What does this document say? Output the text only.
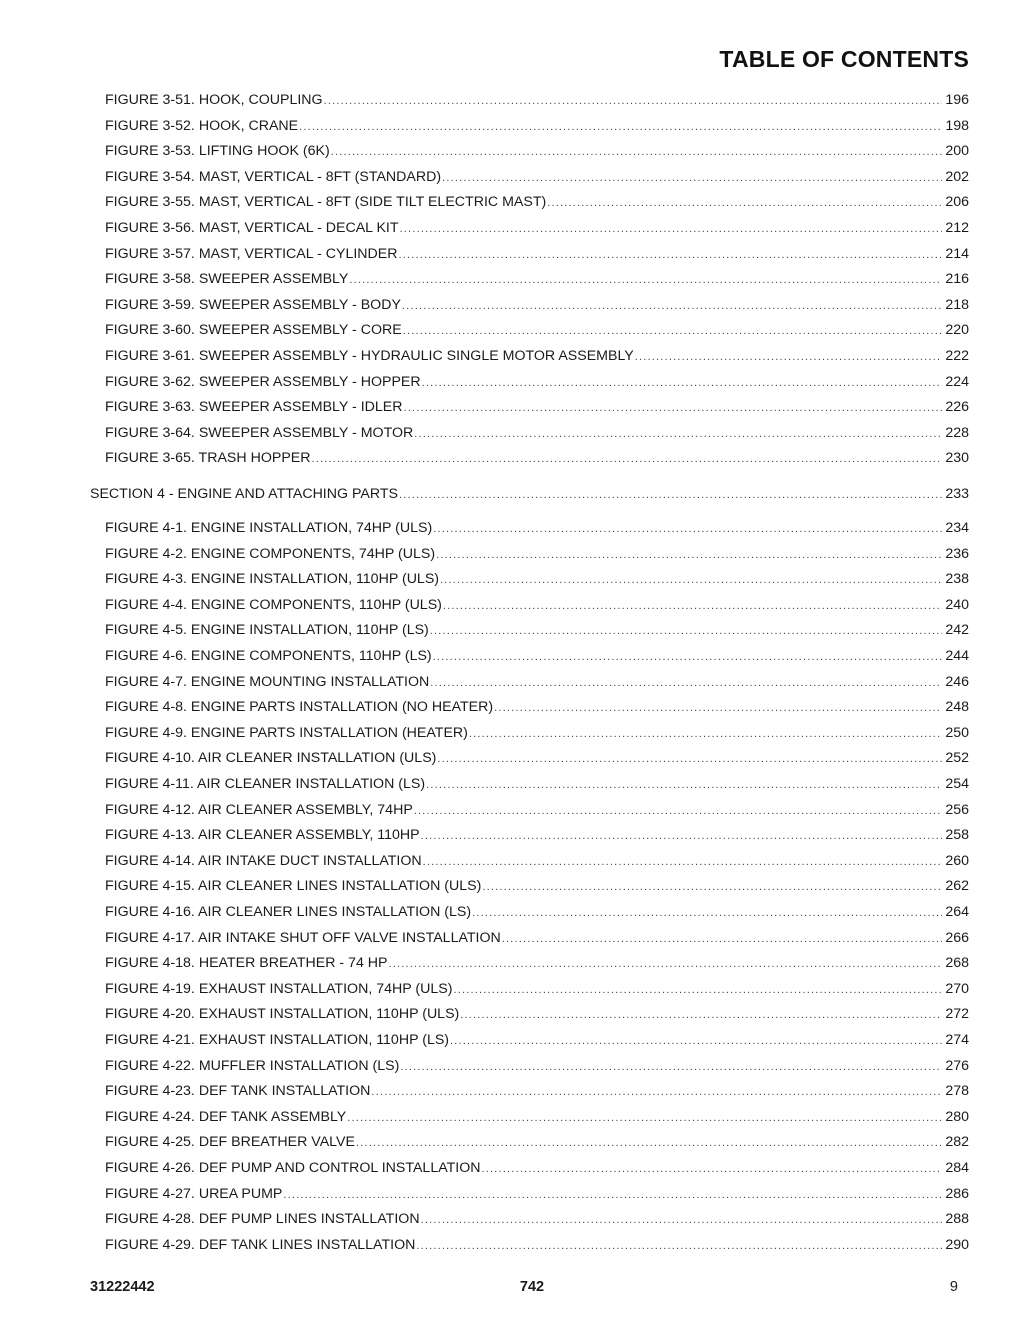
TABLE OF CONTENTS
FIGURE 3-51. HOOK, COUPLING .....	196
FIGURE 3-52. HOOK, CRANE .....	198
FIGURE 3-53. LIFTING HOOK (6K) .....	200
FIGURE 3-54. MAST, VERTICAL - 8FT (STANDARD) .....	202
FIGURE 3-55. MAST, VERTICAL - 8FT (SIDE TILT ELECTRIC MAST) .....	206
FIGURE 3-56. MAST, VERTICAL - DECAL KIT .....	212
FIGURE 3-57. MAST, VERTICAL - CYLINDER .....	214
FIGURE 3-58. SWEEPER ASSEMBLY .....	216
FIGURE 3-59. SWEEPER ASSEMBLY - BODY .....	218
FIGURE 3-60. SWEEPER ASSEMBLY - CORE .....	220
FIGURE 3-61. SWEEPER ASSEMBLY - HYDRAULIC SINGLE MOTOR ASSEMBLY .....	222
FIGURE 3-62. SWEEPER ASSEMBLY - HOPPER .....	224
FIGURE 3-63. SWEEPER ASSEMBLY - IDLER .....	226
FIGURE 3-64. SWEEPER ASSEMBLY - MOTOR .....	228
FIGURE 3-65. TRASH HOPPER .....	230
SECTION 4 - ENGINE AND ATTACHING PARTS .....	233
FIGURE 4-1. ENGINE INSTALLATION, 74HP (ULS) .....	234
FIGURE 4-2. ENGINE COMPONENTS, 74HP (ULS) .....	236
FIGURE 4-3. ENGINE INSTALLATION, 110HP (ULS) .....	238
FIGURE 4-4. ENGINE COMPONENTS, 110HP (ULS) .....	240
FIGURE 4-5. ENGINE INSTALLATION, 110HP (LS) .....	242
FIGURE 4-6. ENGINE COMPONENTS, 110HP (LS) .....	244
FIGURE 4-7. ENGINE MOUNTING INSTALLATION .....	246
FIGURE 4-8. ENGINE PARTS INSTALLATION (NO HEATER) .....	248
FIGURE 4-9. ENGINE PARTS INSTALLATION (HEATER) .....	250
FIGURE 4-10. AIR CLEANER INSTALLATION (ULS) .....	252
FIGURE 4-11. AIR CLEANER INSTALLATION (LS) .....	254
FIGURE 4-12. AIR CLEANER ASSEMBLY, 74HP .....	256
FIGURE 4-13. AIR CLEANER ASSEMBLY, 110HP .....	258
FIGURE 4-14. AIR INTAKE DUCT INSTALLATION .....	260
FIGURE 4-15. AIR CLEANER LINES INSTALLATION (ULS) .....	262
FIGURE 4-16. AIR CLEANER LINES INSTALLATION (LS) .....	264
FIGURE 4-17. AIR INTAKE SHUT OFF VALVE INSTALLATION .....	266
FIGURE 4-18. HEATER BREATHER - 74 HP .....	268
FIGURE 4-19. EXHAUST INSTALLATION, 74HP (ULS) .....	270
FIGURE 4-20. EXHAUST INSTALLATION, 110HP (ULS) .....	272
FIGURE 4-21. EXHAUST INSTALLATION, 110HP (LS) .....	274
FIGURE 4-22. MUFFLER INSTALLATION (LS) .....	276
FIGURE 4-23. DEF TANK INSTALLATION .....	278
FIGURE 4-24. DEF TANK ASSEMBLY .....	280
FIGURE 4-25. DEF BREATHER VALVE .....	282
FIGURE 4-26. DEF PUMP AND CONTROL INSTALLATION .....	284
FIGURE 4-27. UREA PUMP .....	286
FIGURE 4-28. DEF PUMP LINES INSTALLATION .....	288
FIGURE 4-29. DEF TANK LINES INSTALLATION .....	290
31222442	742	9
